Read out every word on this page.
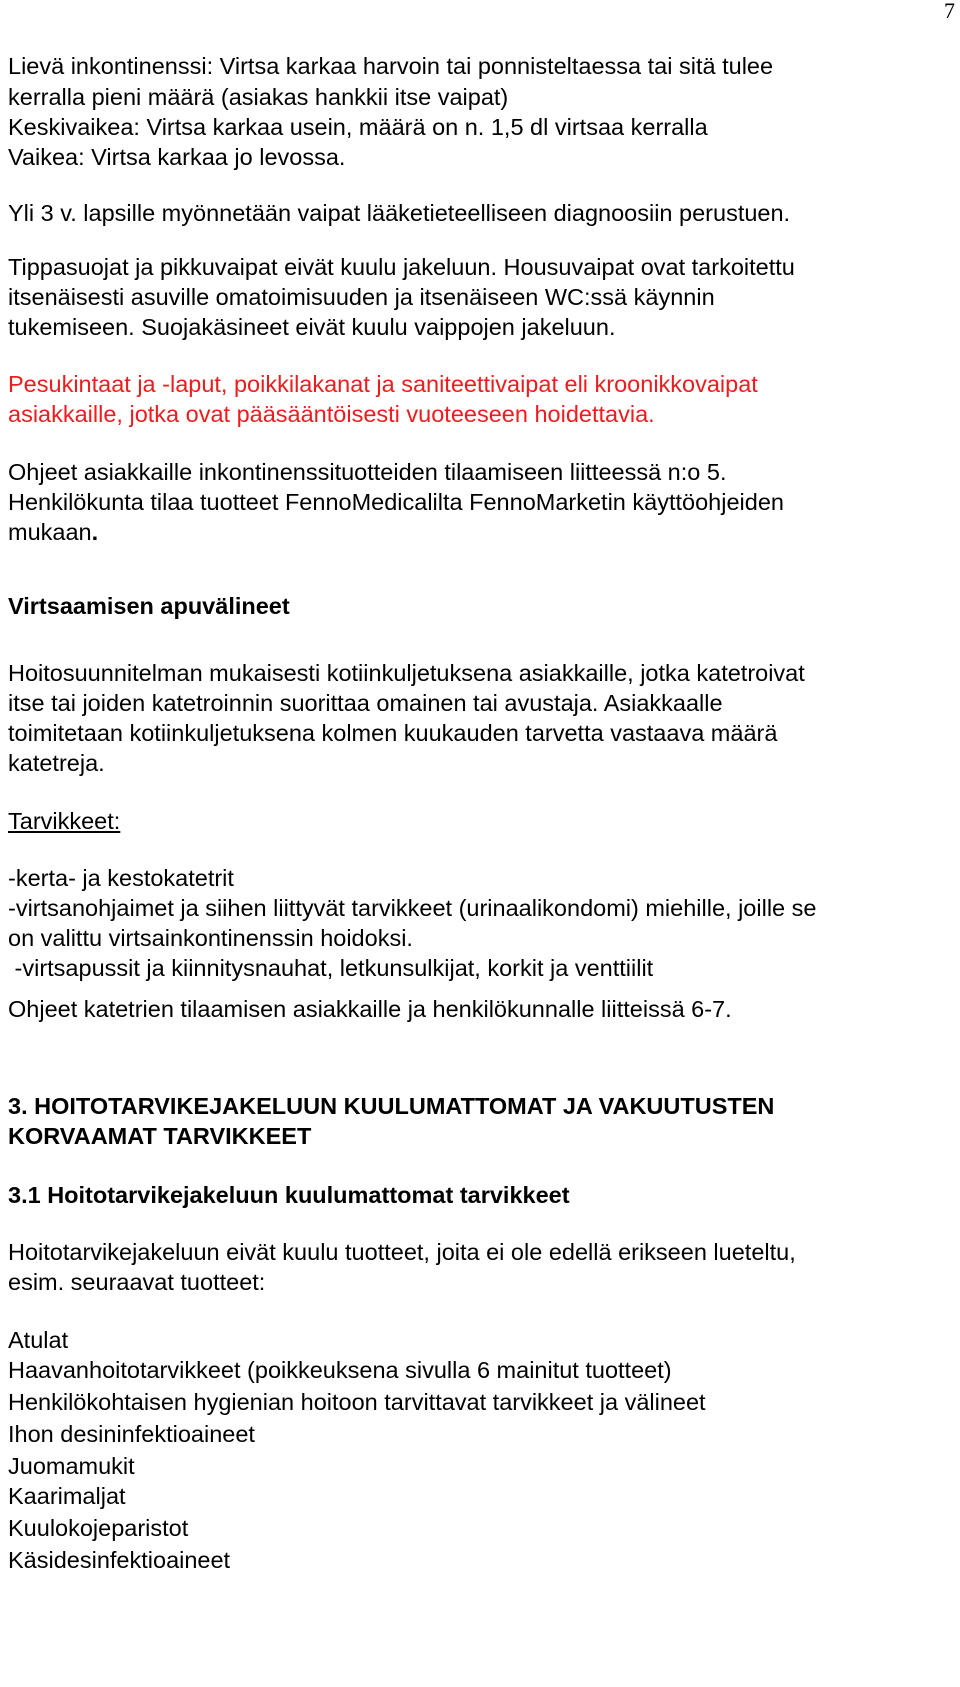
7

Lievä inkontinenssi: Virtsa karkaa harvoin tai ponnisteltaessa tai sitä tulee

kerralla pieni määrä (asiakas hankkii itse vaipat)

Keskivaikea: Virtsa karkaa usein, määrä on n. 1,5 dl virtsaa kerralla

Vaikea: Virtsa karkaa jo levossa.

Yli 3 v. lapsille myönnetään vaipat lääketieteelliseen diagnoosiin perustuen.

Tippasuojat ja pikkuvaipat eivät kuulu jakeluun. Housuvaipat ovat tarkoitettu

itsenäisesti asuville omatoimisuuden ja itsenäiseen WC:ssä käynnin

tukemiseen. Suojakäsineet eivät kuulu vaippojen jakeluun.

Pesukintaat ja -laput, poikkilakanat ja saniteettivaipat eli kroonikkovaipat

asiakkaille, jotka ovat pääsääntöisesti vuoteeseen hoidettavia.

Ohjeet asiakkaille inkontinenssituotteiden tilaamiseen liitteessä n:o 5.

Henkilökunta tilaa tuotteet FennoMedicalilta FennoMarketin käyttöohjeiden

mukaan.

Virtsaamisen apuvälineet

Hoitosuunnitelman mukaisesti kotiinkuljetuksena asiakkaille, jotka katetroivat

itse tai joiden katetroinnin suorittaa omainen tai avustaja. Asiakkaalle

toimitetaan kotiinkuljetuksena kolmen kuukauden tarvetta vastaava määrä

katetreja.

Tarvikkeet:

-kerta- ja kestokatetrit

-virtsanohjaimet ja siihen liittyvät tarvikkeet (urinaalikondomi) miehille, joille se

on valittu virtsainkontinenssin hoidoksi.

-virtsapussit ja kiinnitysnauhat, letkunsulkijat, korkit ja venttiilit

Ohjeet katetrien tilaamisen asiakkaille ja henkilökunnalle liitteissä 6-7.

3. HOITOTARVIKEJAKELUUN KUULUMATTOMAT JA VAKUUTUSTEN

KORVAAMAT TARVIKKEET

3.1 Hoitotarvikejakeluun kuulumattomat tarvikkeet

Hoitotarvikejakeluun eivät kuulu tuotteet, joita ei ole edellä erikseen lueteltu,

esim. seuraavat tuotteet:

Atulat

Haavanhoitotarvikkeet (poikkeuksena sivulla 6 mainitut tuotteet)

Henkilökohtaisen hygienian hoitoon tarvittavat tarvikkeet ja välineet

Ihon desininfektioaineet

Juomamukit

Kaarimaljat

Kuulokojeparistot

Käsidesinfektioaineet
